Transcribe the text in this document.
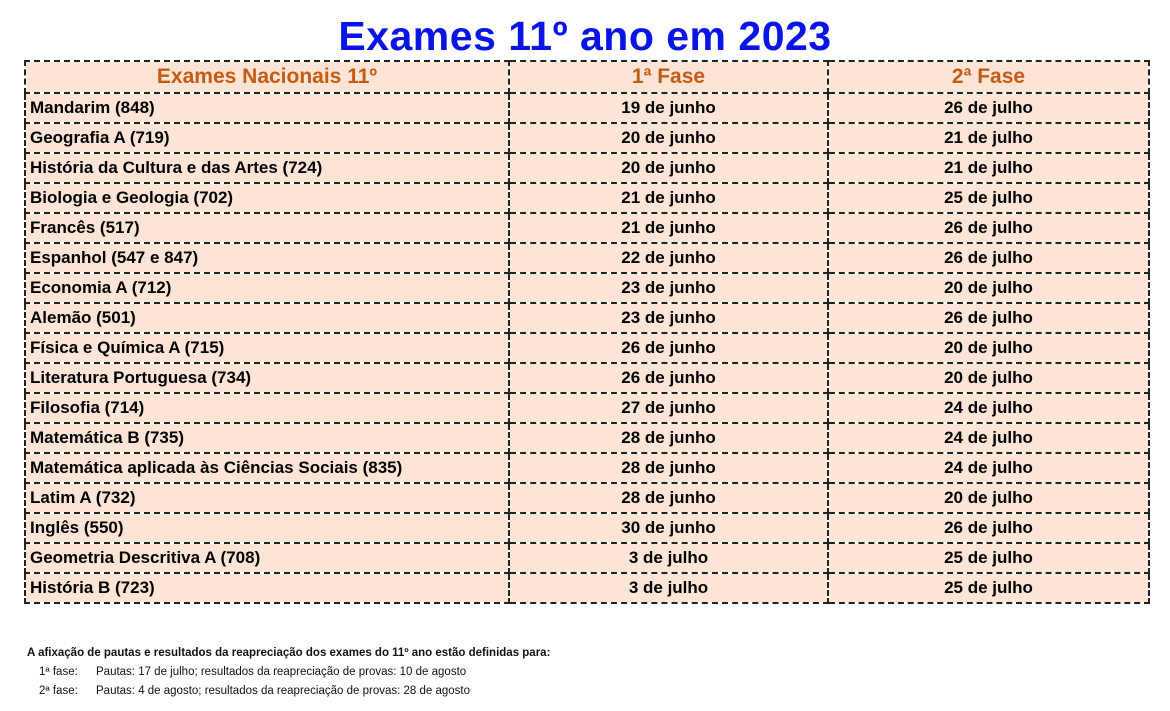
Exames 11º ano em 2023
Exames Nacionais 11º	1ª Fase	2ª Fase
Mandarim (848)	19 de junho	26 de julho
Geografia A (719)	20 de junho	21 de julho
História da Cultura e das Artes (724)	20 de junho	21 de julho
Biologia e Geologia (702)	21 de junho	25 de julho
Francês (517)	21 de junho	26 de julho
Espanhol (547 e 847)	22 de junho	26 de julho
Economia A (712)	23 de junho	20 de julho
Alemão (501)	23 de junho	26 de julho
Física e Química A (715)	26 de junho	20 de julho
Literatura Portuguesa (734)	26 de junho	20 de julho
Filosofia (714)	27 de junho	24 de julho
Matemática B (735)	28 de junho	24 de julho
Matemática aplicada às Ciências Sociais (835)	28 de junho	24 de julho
Latim A (732)	28 de junho	20 de julho
Inglês (550)	30 de junho	26 de julho
Geometria Descritiva A (708)	3 de julho	25 de julho
História B (723)	3 de julho	25 de julho
A afixação de pautas e resultados da reapreciação dos exames do 11º ano estão definidas para:
1ª fase: Pautas: 17 de julho; resultados da reapreciação de provas: 10 de agosto
2ª fase: Pautas: 4 de agosto; resultados da reapreciação de provas: 28 de agosto
